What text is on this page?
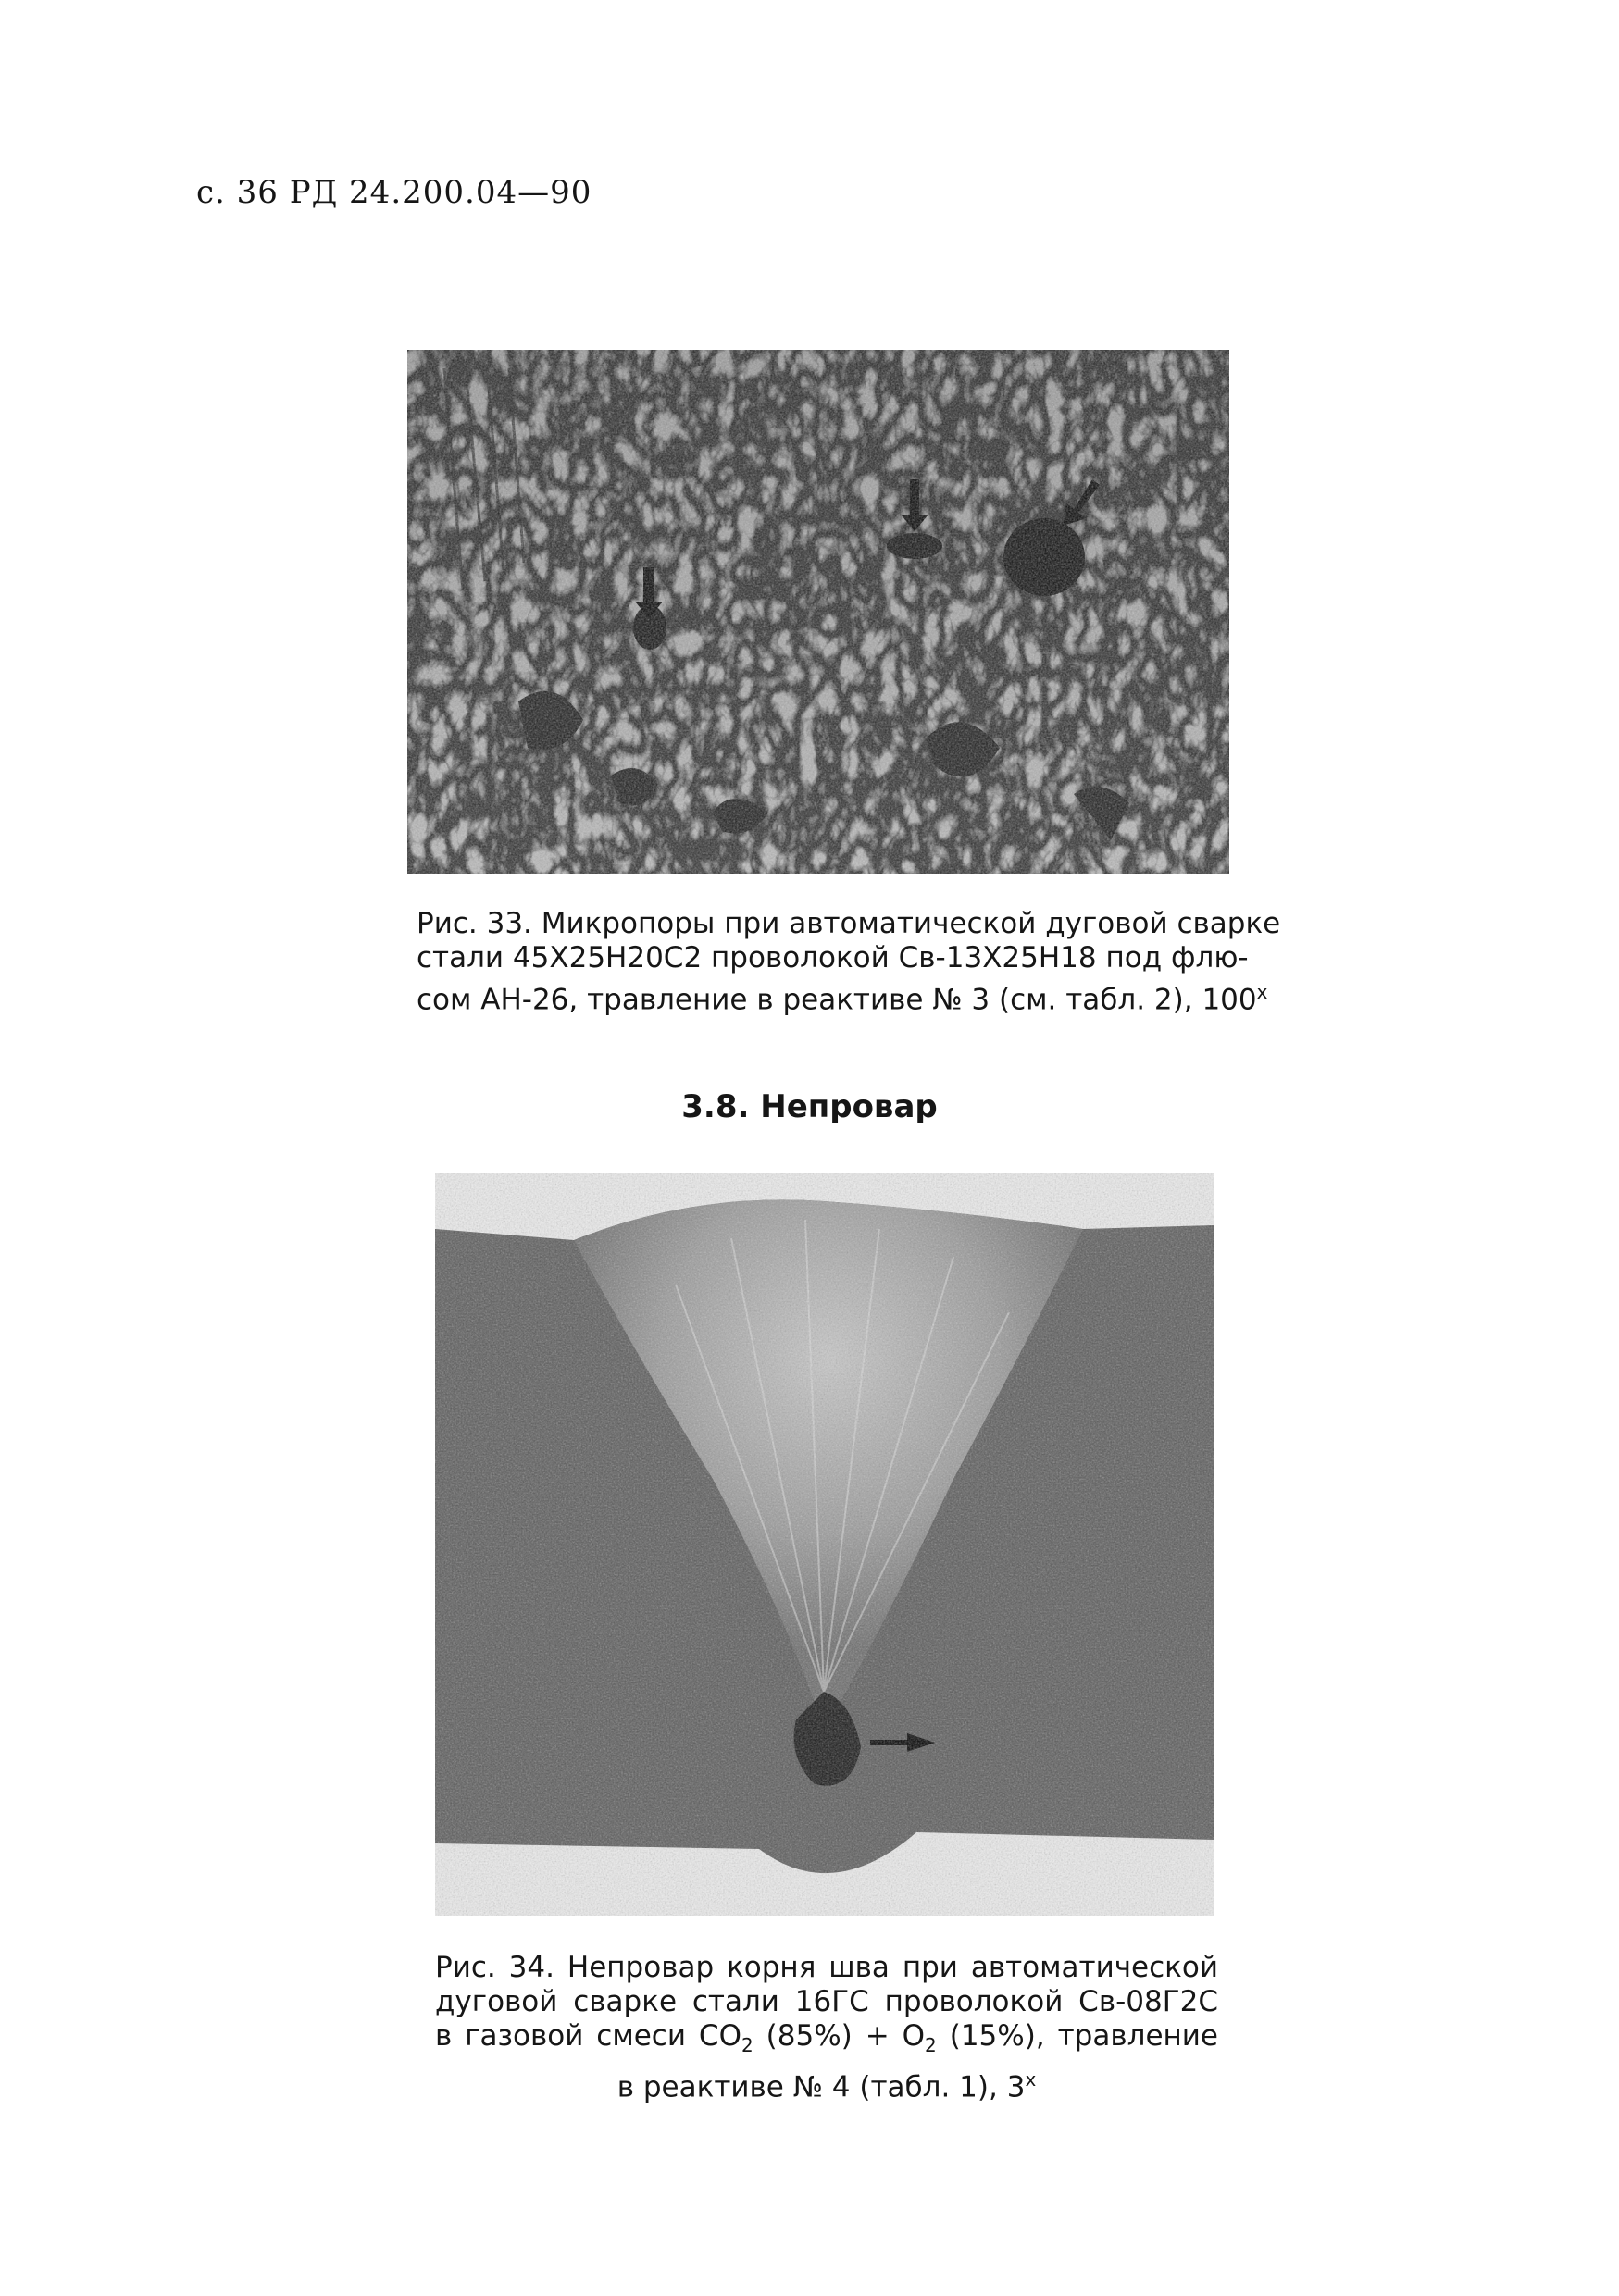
с. 36 РД 24.200.04—90
Рис. 33. Микропоры при автоматической дуговой сварке
стали 45Х25Н20С2 проволокой Св-13Х25Н18 под флю-
сом АН-26, травление в реактиве № 3 (см. табл. 2), $100^х$
3.8. Непровар
Рис. 34. Непровар корня шва при автоматической
дуговой сварке стали 16ГС проволокой Св-08Г2С
в газовой смеси $CO_2$ $(85\%) + O_2$ (15%), травление
в реактиве № 4 (табл. 1), $3^х$
